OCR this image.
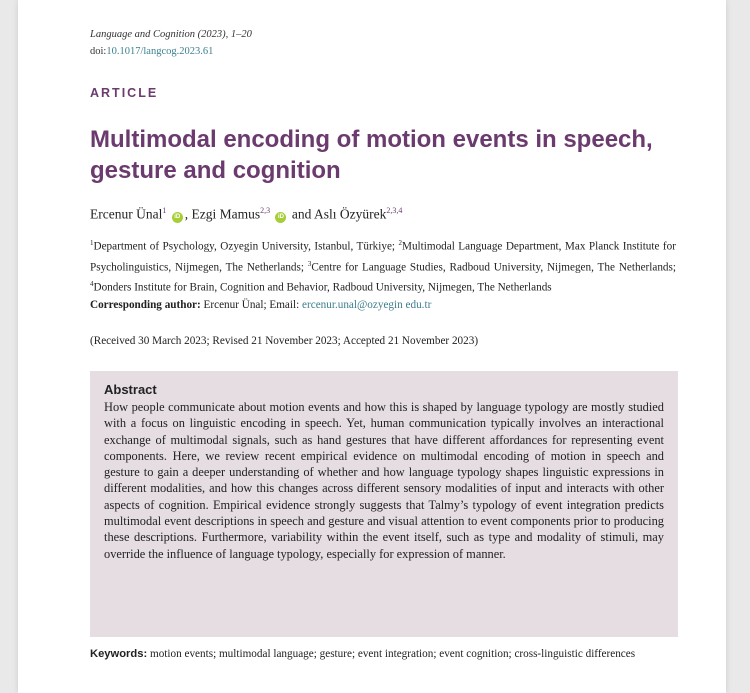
Language and Cognition (2023), 1–20
doi:10.1017/langcog.2023.61
ARTICLE
Multimodal encoding of motion events in speech, gesture and cognition
Ercenur Ünal$^1$ iD , Ezgi Mamus$^{2,3}$ iD and Aslı Özyürek$^{2,3,4}$
$^1$Department of Psychology, Ozyegin University, Istanbul, Türkiye; $^2$Multimodal Language Department, Max Planck Institute for Psycholinguistics, Nijmegen, The Netherlands; $^3$Centre for Language Studies, Radboud University, Nijmegen, The Netherlands; $^4$Donders Institute for Brain, Cognition and Behavior, Radboud University, Nijmegen, The Netherlands
Corresponding author: Ercenur Ünal; Email: ercenur.unal@ozyegin edu.tr
(Received 30 March 2023; Revised 21 November 2023; Accepted 21 November 2023)
Abstract

How people communicate about motion events and how this is shaped by language typology are mostly studied with a focus on linguistic encoding in speech. Yet, human communication typically involves an interactional exchange of multimodal signals, such as hand gestures that have different affordances for representing event components. Here, we review recent empirical evidence on multimodal encoding of motion in speech and gesture to gain a deeper understanding of whether and how language typology shapes linguistic expressions in different modalities, and how this changes across different sensory modalities of input and interacts with other aspects of cognition. Empirical evidence strongly suggests that Talmy’s typology of event integration predicts multimodal event descriptions in speech and gesture and visual attention to event components prior to producing these descriptions. Furthermore, variability within the event itself, such as type and modality of stimuli, may override the influence of language typology, especially for expression of manner.

Keywords: motion events; multimodal language; gesture; event integration; event cognition; cross-linguistic differences
